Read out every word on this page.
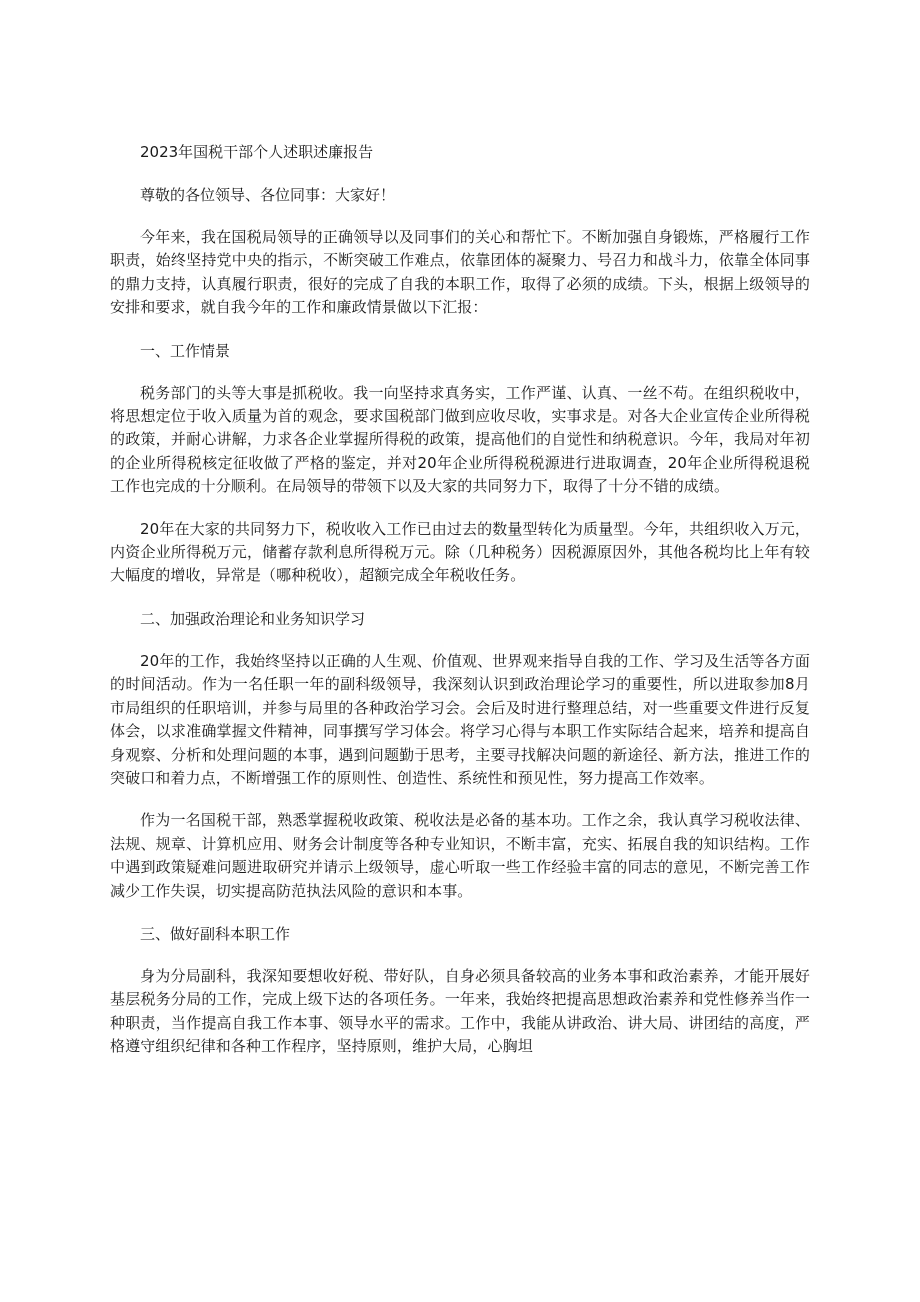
2023年国税干部个人述职述廉报告
尊敬的各位领导、各位同事：大家好！
今年来，我在国税局领导的正确领导以及同事们的关心和帮忙下。不断加强自身锻炼，严格履行工作职责，始终坚持党中央的指示，不断突破工作难点，依靠团体的凝聚力、号召力和战斗力，依靠全体同事的鼎力支持，认真履行职责，很好的完成了自我的本职工作，取得了必须的成绩。下头，根据上级领导的安排和要求，就自我今年的工作和廉政情景做以下汇报：
一、工作情景
税务部门的头等大事是抓税收。我一向坚持求真务实，工作严谨、认真、一丝不苟。在组织税收中，将思想定位于收入质量为首的观念，要求国税部门做到应收尽收，实事求是。对各大企业宣传企业所得税的政策，并耐心讲解，力求各企业掌握所得税的政策，提高他们的自觉性和纳税意识。今年，我局对年初的企业所得税核定征收做了严格的鉴定，并对20年企业所得税税源进行进取调查，20年企业所得税退税工作也完成的十分顺利。在局领导的带领下以及大家的共同努力下，取得了十分不错的成绩。
20年在大家的共同努力下，税收收入工作已由过去的数量型转化为质量型。今年，共组织收入万元，内资企业所得税万元，储蓄存款利息所得税万元。除（几种税务）因税源原因外，其他各税均比上年有较大幅度的增收，异常是（哪种税收），超额完成全年税收任务。
二、加强政治理论和业务知识学习
20年的工作，我始终坚持以正确的人生观、价值观、世界观来指导自我的工作、学习及生活等各方面的时间活动。作为一名任职一年的副科级领导，我深刻认识到政治理论学习的重要性，所以进取参加8月市局组织的任职培训，并参与局里的各种政治学习会。会后及时进行整理总结，对一些重要文件进行反复体会，以求准确掌握文件精神，同事撰写学习体会。将学习心得与本职工作实际结合起来，培养和提高自身观察、分析和处理问题的本事，遇到问题勤于思考，主要寻找解决问题的新途径、新方法，推进工作的突破口和着力点，不断增强工作的原则性、创造性、系统性和预见性，努力提高工作效率。
作为一名国税干部，熟悉掌握税收政策、税收法是必备的基本功。工作之余，我认真学习税收法律、法规、规章、计算机应用、财务会计制度等各种专业知识，不断丰富，充实、拓展自我的知识结构。工作中遇到政策疑难问题进取研究并请示上级领导，虚心听取一些工作经验丰富的同志的意见，不断完善工作减少工作失误，切实提高防范执法风险的意识和本事。
三、做好副科本职工作
身为分局副科，我深知要想收好税、带好队，自身必须具备较高的业务本事和政治素养，才能开展好基层税务分局的工作，完成上级下达的各项任务。一年来，我始终把提高思想政治素养和党性修养当作一种职责，当作提高自我工作本事、领导水平的需求。工作中，我能从讲政治、讲大局、讲团结的高度，严格遵守组织纪律和各种工作程序，坚持原则，维护大局，心胸坦
